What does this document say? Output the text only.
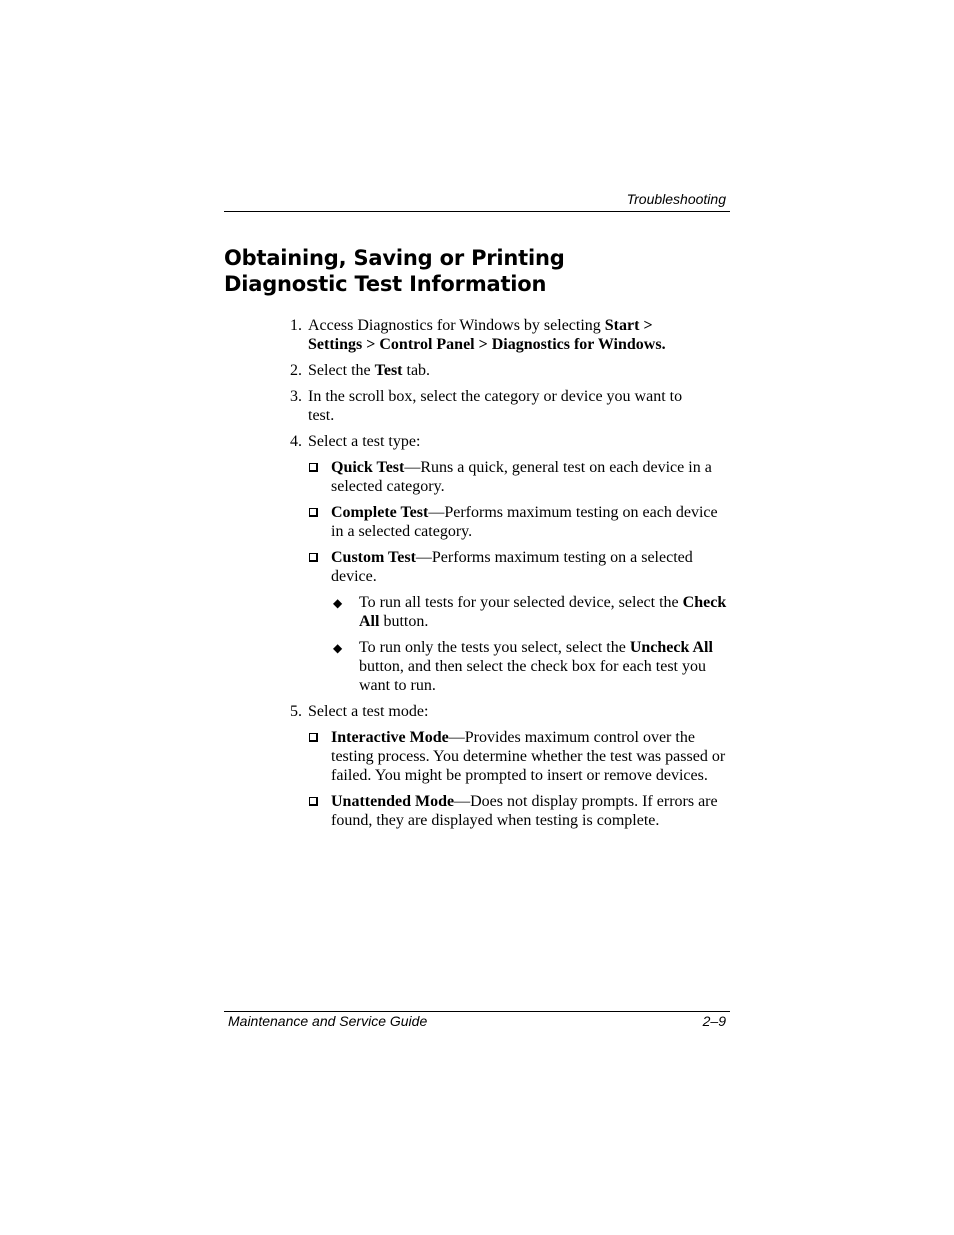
Troubleshooting
Obtaining, Saving or Printing
Diagnostic Test Information
1. Access Diagnostics for Windows by selecting Start >
Settings > Control Panel > Diagnostics for Windows.
2. Select the Test tab.
3. In the scroll box, select the category or device you want to test.
4. Select a test type:
Quick Test—Runs a quick, general test on each device in a selected category.
Complete Test—Performs maximum testing on each device in a selected category.
Custom Test—Performs maximum testing on a selected device.
◆ To run all tests for your selected device, select the Check All button.
◆ To run only the tests you select, select the Uncheck All button, and then select the check box for each test you want to run.
5. Select a test mode:
Interactive Mode—Provides maximum control over the testing process. You determine whether the test was passed or failed. You might be prompted to insert or remove devices.
Unattended Mode—Does not display prompts. If errors are found, they are displayed when testing is complete.
Maintenance and Service Guide	2–9
